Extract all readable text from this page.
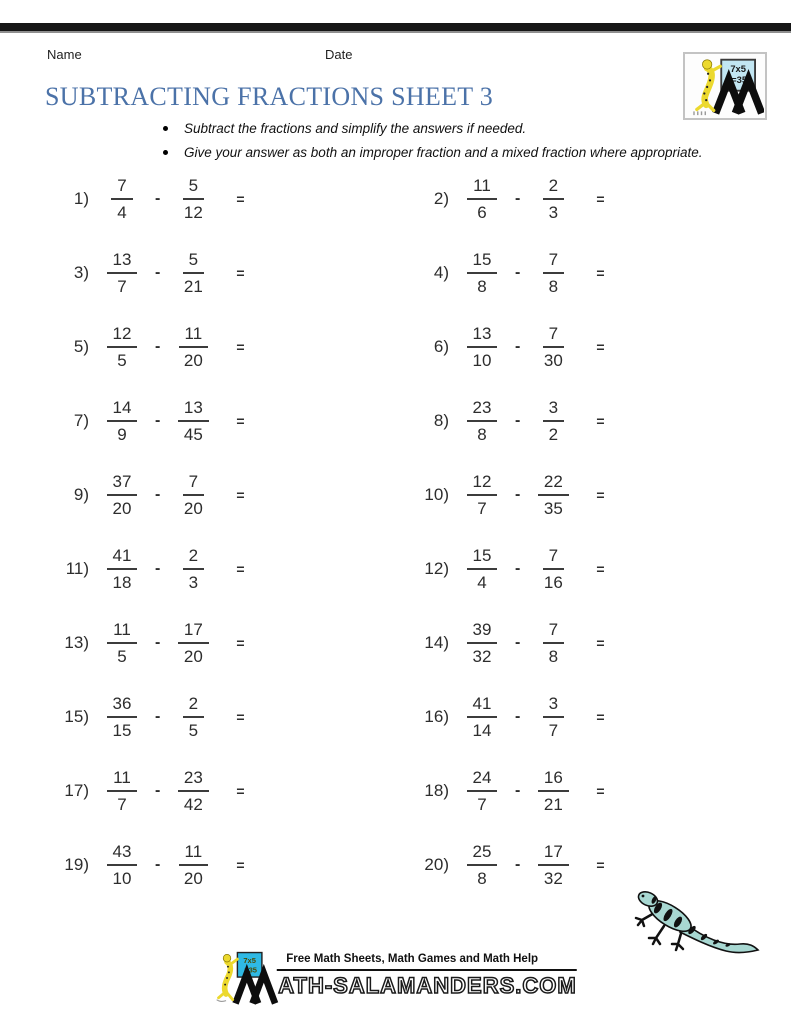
Name	Date
7x5
=35
SUBTRACTING FRACTIONS SHEET 3
Subtract the fractions and simplify the answers if needed.
Give your answer as both an improper fraction and a mixed fraction where appropriate.
$1) \frac{7}{4} - \frac{5}{12}$ =	$2) \frac{11}{6} - \frac{2}{3}$ =
$3) \frac{13}{7} - \frac{5}{21}$ =	$4) \frac{15}{8} - \frac{7}{8}$ =
$5) \frac{12}{5} - \frac{11}{20}$ =	$6) \frac{13}{10} - \frac{7}{30}$ =
$7) \frac{14}{9} - \frac{13}{45}$ =	$8) \frac{23}{8} - \frac{3}{2}$ =
$9) \frac{37}{20} - \frac{7}{20}$ =	$10) \frac{12}{7} - \frac{22}{35}$ =
$11) \frac{41}{18} - \frac{2}{3}$ =	$12) \frac{15}{4} - \frac{7}{16}$ =
$13) \frac{11}{5} - \frac{17}{20}$ =	$14) \frac{39}{32} - \frac{7}{8}$ =
$15) \frac{36}{15} - \frac{2}{5}$ =	$16) \frac{41}{14} - \frac{3}{7}$ =
$17) \frac{11}{7} - \frac{23}{42}$ =	$18) \frac{24}{7} - \frac{16}{21}$ =
$19) \frac{43}{10} - \frac{11}{20}$ =	$20) \frac{25}{8} - \frac{17}{32}$ =
7x5
=35
Free Math Sheets, Math Games and Math Help
ATH-SALAMANDERS.COM
